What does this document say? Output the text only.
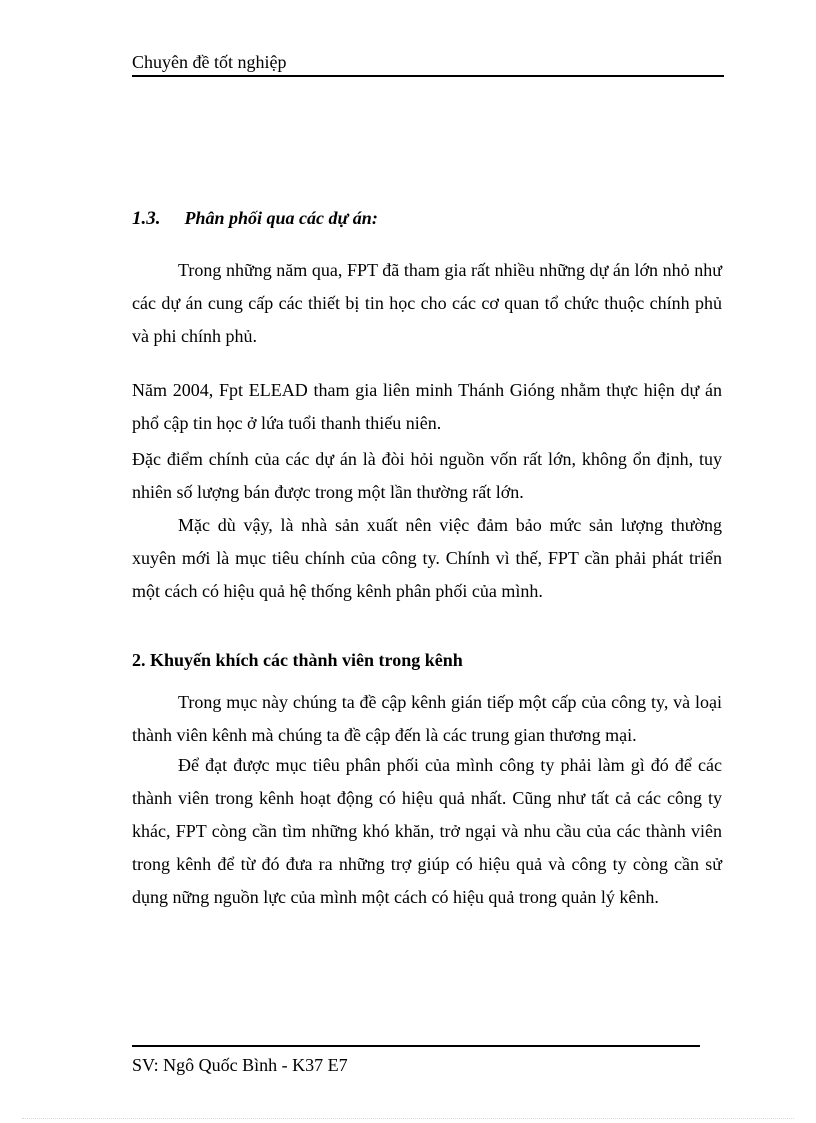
Chuyên đề tốt nghiệp
1.3. Phân phối qua các dự án:

Trong những năm qua, FPT đã tham gia rất nhiều những dự án lớn nhỏ như các dự án cung cấp các thiết bị tin học cho các cơ quan tổ chức thuộc chính phủ và phi chính phủ.

Năm 2004, Fpt ELEAD tham gia liên minh Thánh Gióng nhằm thực hiện dự án phổ cập tin học ở lứa tuổi thanh thiếu niên.

Đặc điểm chính của các dự án là đòi hỏi nguồn vốn rất lớn, không ổn định, tuy nhiên số lượng bán được trong một lần thường rất lớn.

Mặc dù vậy, là nhà sản xuất nên việc đảm bảo mức sản lượng thường xuyên mới là mục tiêu chính của công ty. Chính vì thế, FPT cần phải phát triển một cách có hiệu quả hệ thống kênh phân phối của mình.

2. Khuyến khích các thành viên trong kênh

Trong mục này chúng ta đề cập kênh gián tiếp một cấp của công ty, và loại thành viên kênh mà chúng ta đề cập đến là các trung gian thương mại.

Để đạt được mục tiêu phân phối của mình công ty phải làm gì đó để các thành viên trong kênh hoạt động có hiệu quả nhất. Cũng như tất cả các công ty khác, FPT còng cần tìm những khó khăn, trở ngại và nhu cầu của các thành viên trong kênh để từ đó đưa ra những trợ giúp có hiệu quả và công ty còng cần sử dụng nững nguồn lực của mình một cách có hiệu quả trong quản lý kênh.

SV: Ngô Quốc Bình - K37 E7
